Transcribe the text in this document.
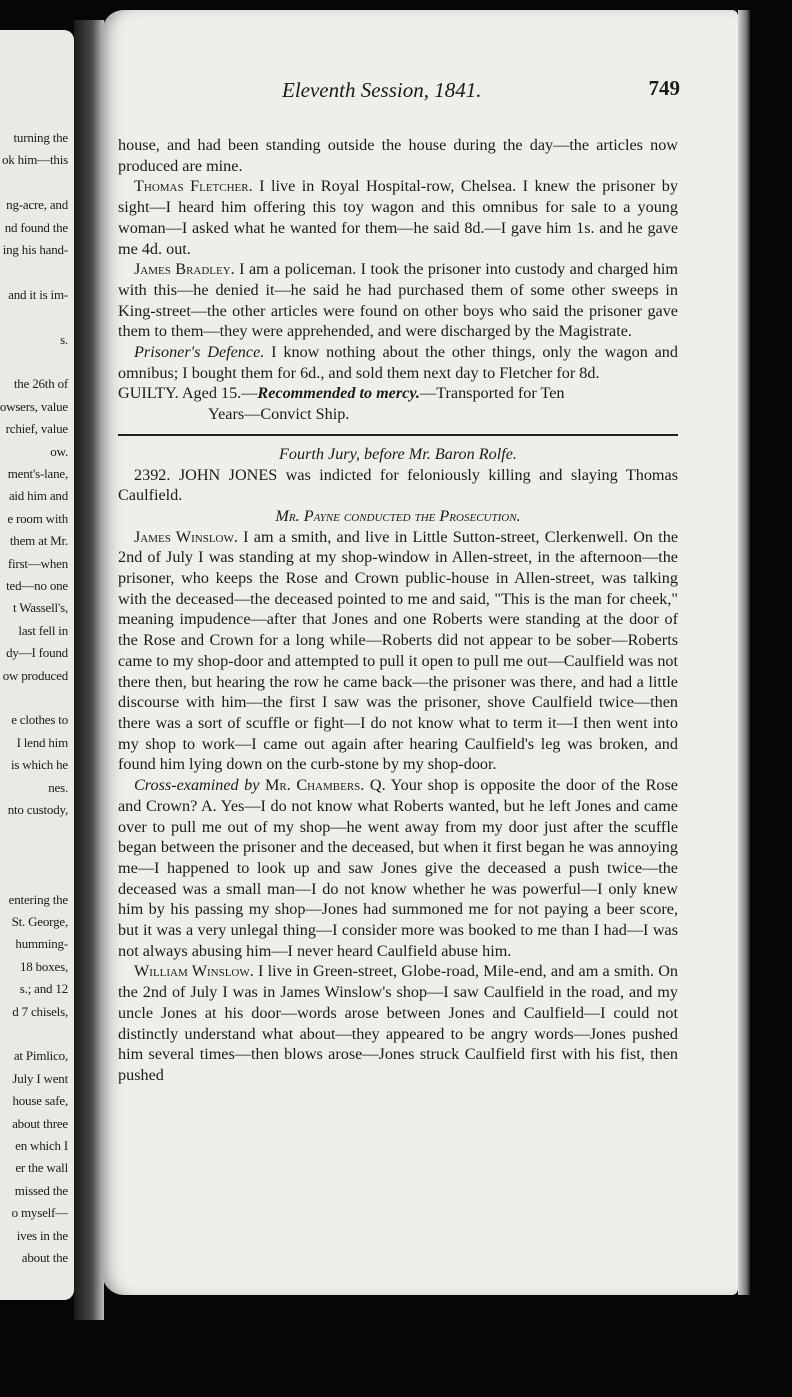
turning the
ok him—this
ng-acre, and
nd found the
ing his hand-
and it is im-
s.
the 26th of
owsers, value
rchief, value
ow.
ment's-lane,
aid him and
e room with
them at Mr.
first—when
ted—no one
t Wassell's,
last fell in
dy—I found
ow produced
e clothes to
I lend him
is which he
nes.
nto custody,
entering the
St. George,
humming-
18 boxes,
s.; and 12
d 7 chisels,
at Pimlico,
July I went
house safe,
about three
en which I
er the wall
missed the
o myself—
ives in the
about the
Eleventh Session, 1841.	749

house, and had been standing outside the house during the day—the articles now produced are mine.

Thomas Fletcher. I live in Royal Hospital-row, Chelsea. I knew the prisoner by sight—I heard him offering this toy wagon and this omnibus for sale to a young woman—I asked what he wanted for them—he said 8d.—I gave him 1s. and he gave me 4d. out.

James Bradley. I am a policeman. I took the prisoner into custody and charged him with this—he denied it—he said he had purchased them of some other sweeps in King-street—the other articles were found on other boys who said the prisoner gave them to them—they were apprehended, and were discharged by the Magistrate.

Prisoner's Defence. I know nothing about the other things, only the wagon and omnibus; I bought them for 6d., and sold them next day to Fletcher for 8d.

GUILTY. Aged 15.—Recommended to mercy.—Transported for Ten

Years—Convict Ship.

Fourth Jury, before Mr. Baron Rolfe.

2392. JOHN JONES was indicted for feloniously killing and slaying Thomas Caulfield.

Mr. Payne conducted the Prosecution.

James Winslow. I am a smith, and live in Little Sutton-street, Clerkenwell. On the 2nd of July I was standing at my shop-window in Allen-street, in the afternoon—the prisoner, who keeps the Rose and Crown public-house in Allen-street, was talking with the deceased—the deceased pointed to me and said, "This is the man for cheek," meaning impudence—after that Jones and one Roberts were standing at the door of the Rose and Crown for a long while—Roberts did not appear to be sober—Roberts came to my shop-door and attempted to pull it open to pull me out—Caulfield was not there then, but hearing the row he came back—the prisoner was there, and had a little discourse with him—the first I saw was the prisoner, shove Caulfield twice—then there was a sort of scuffle or fight—I do not know what to term it—I then went into my shop to work—I came out again after hearing Caulfield's leg was broken, and found him lying down on the curb-stone by my shop-door.

Cross-examined by Mr. Chambers. Q. Your shop is opposite the door of the Rose and Crown? A. Yes—I do not know what Roberts wanted, but he left Jones and came over to pull me out of my shop—he went away from my door just after the scuffle began between the prisoner and the deceased, but when it first began he was annoying me—I happened to look up and saw Jones give the deceased a push twice—the deceased was a small man—I do not know whether he was powerful—I only knew him by his passing my shop—Jones had summoned me for not paying a beer score, but it was a very unlegal thing—I consider more was booked to me than I had—I was not always abusing him—I never heard Caulfield abuse him.

William Winslow. I live in Green-street, Globe-road, Mile-end, and am a smith. On the 2nd of July I was in James Winslow's shop—I saw Caulfield in the road, and my uncle Jones at his door—words arose between Jones and Caulfield—I could not distinctly understand what about—they appeared to be angry words—Jones pushed him several times—then blows arose—Jones struck Caulfield first with his fist, then pushed
